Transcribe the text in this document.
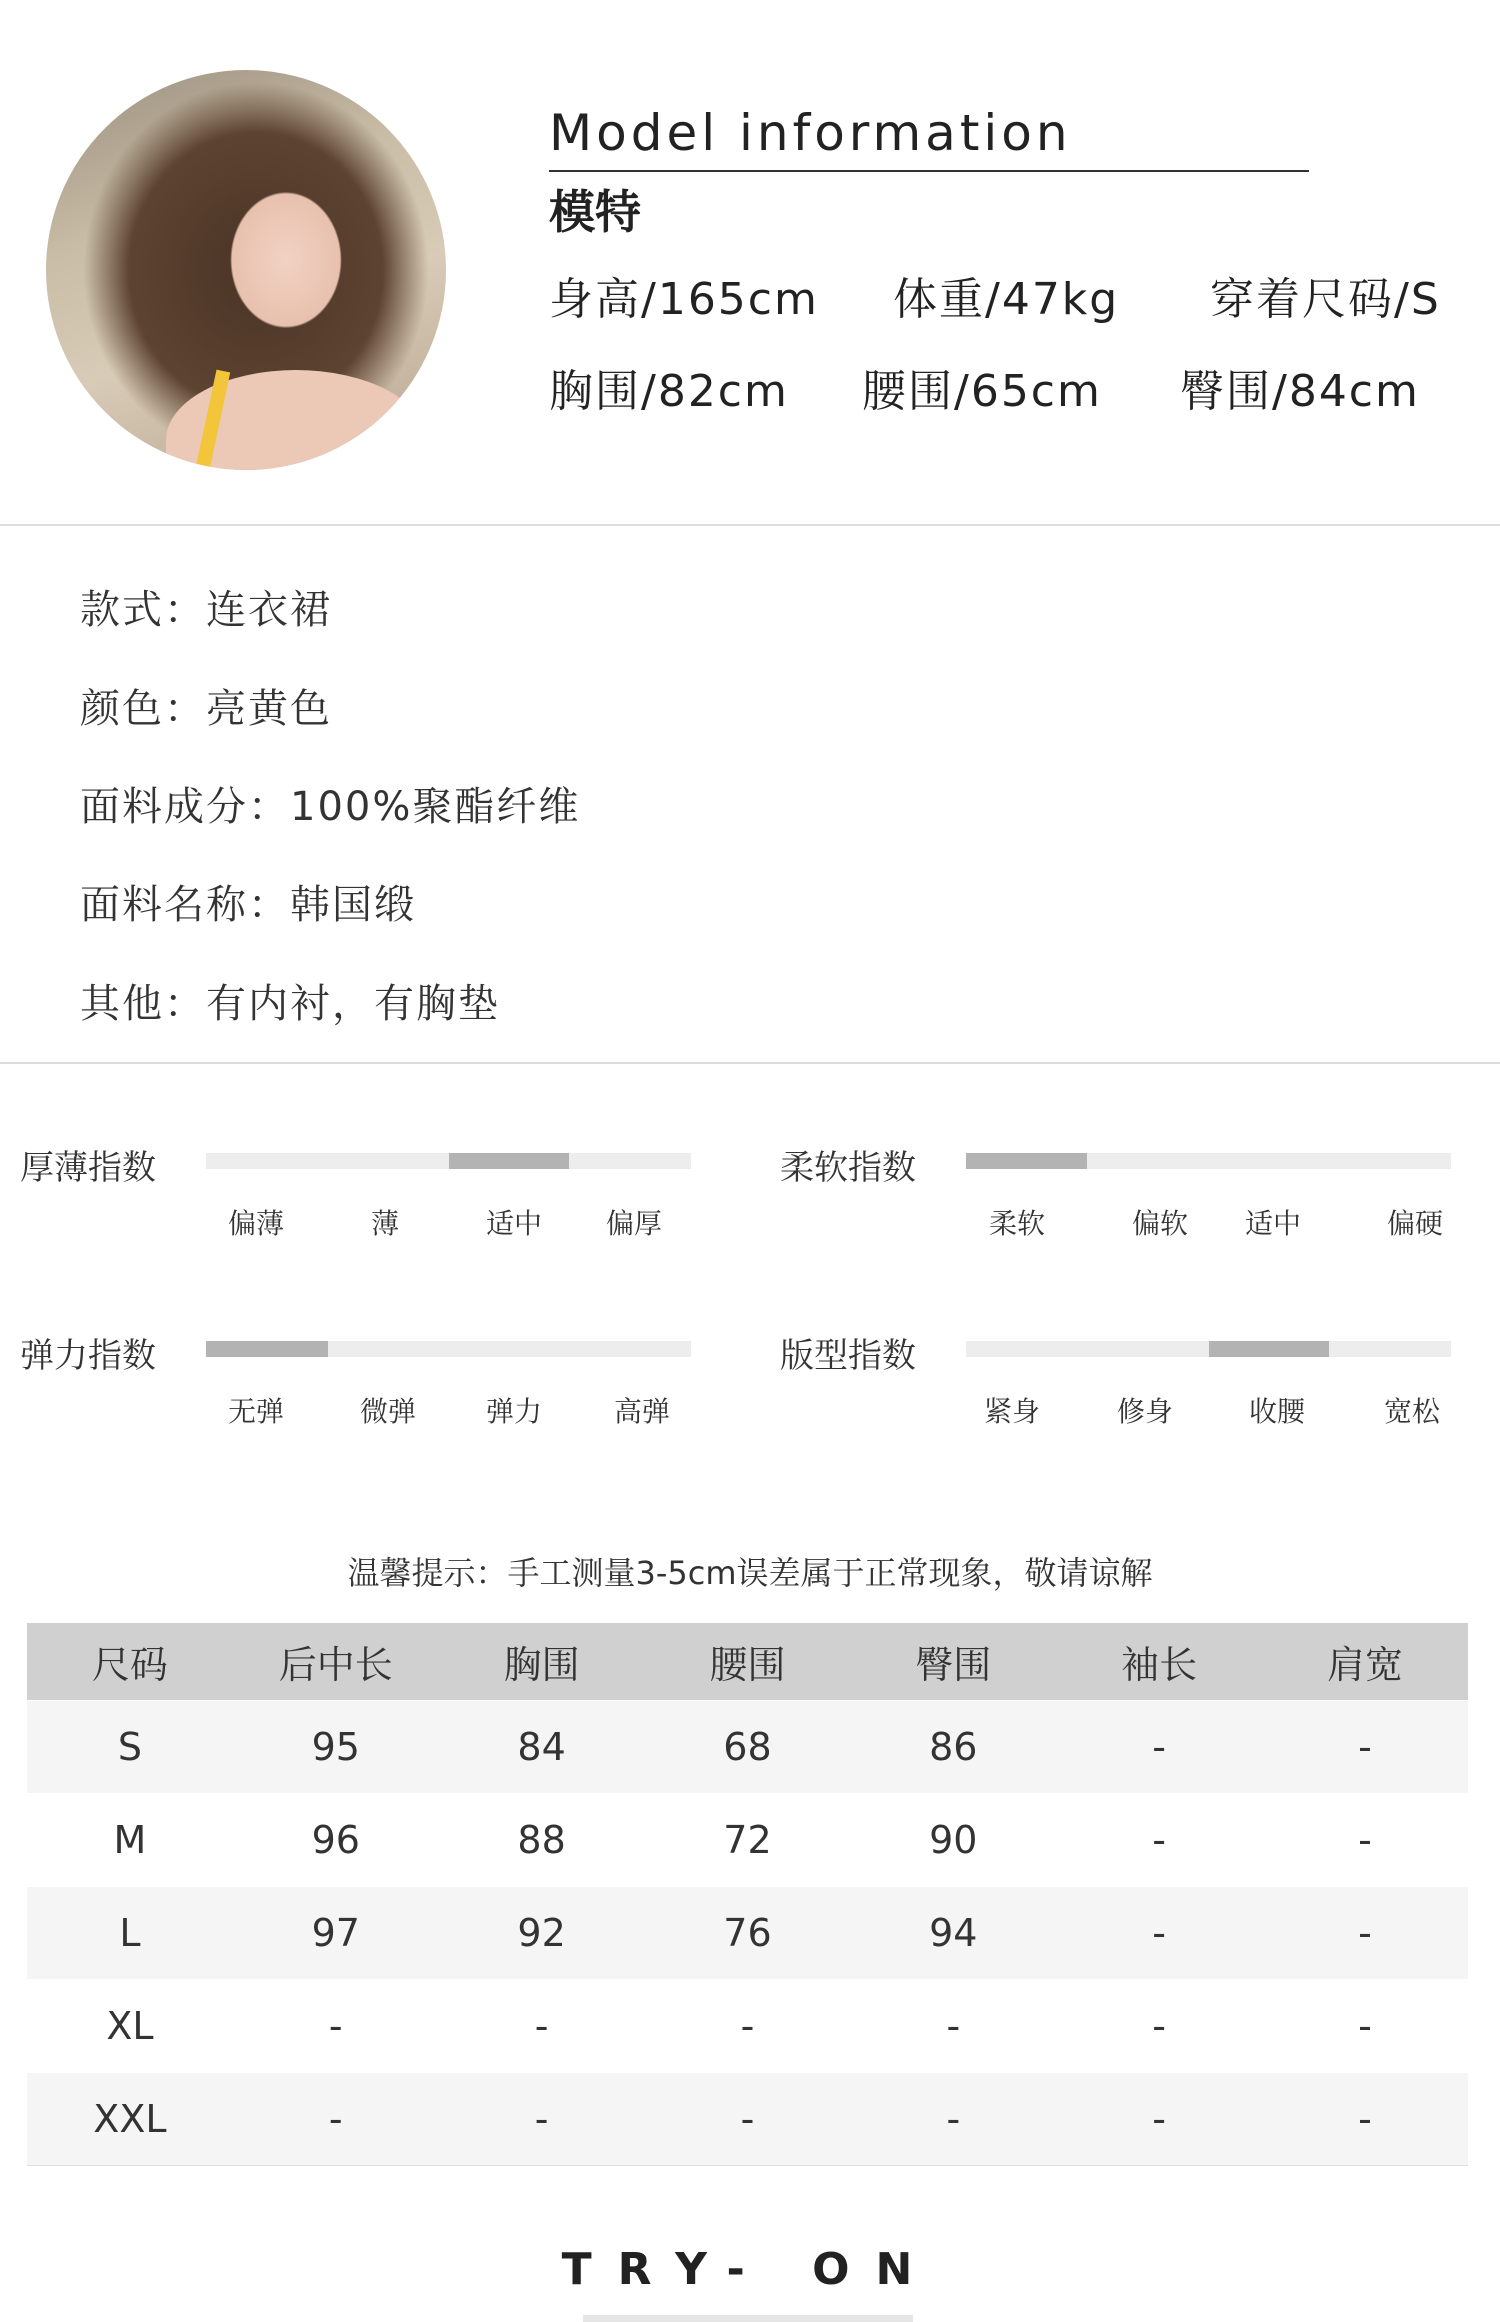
Model information
模特
身高/165cm 体重/47kg 穿着尺码/S
胸围/82cm 腰围/65cm 臀围/84cm
款式：连衣裙
颜色：亮黄色
面料成分：100%聚酯纤维
面料名称：韩国缎
其他：有内衬，有胸垫
厚薄指数
偏薄	薄	适中	偏厚
柔软指数
柔软	偏软	适中	偏硬
弹力指数
无弹	微弹	弹力	高弹
版型指数
紧身	修身	收腰	宽松
温馨提示：手工测量3-5cm误差属于正常现象，敬请谅解
尺码	后中长	胸围	腰围	臀围	袖长	肩宽
S	95	84	68	86	-	-
M	96	88	72	90	-	-
L	97	92	76	94	-	-
XL	-	-	-	-	-	-
XXL	-	-	-	-	-	-
TRY- ON
